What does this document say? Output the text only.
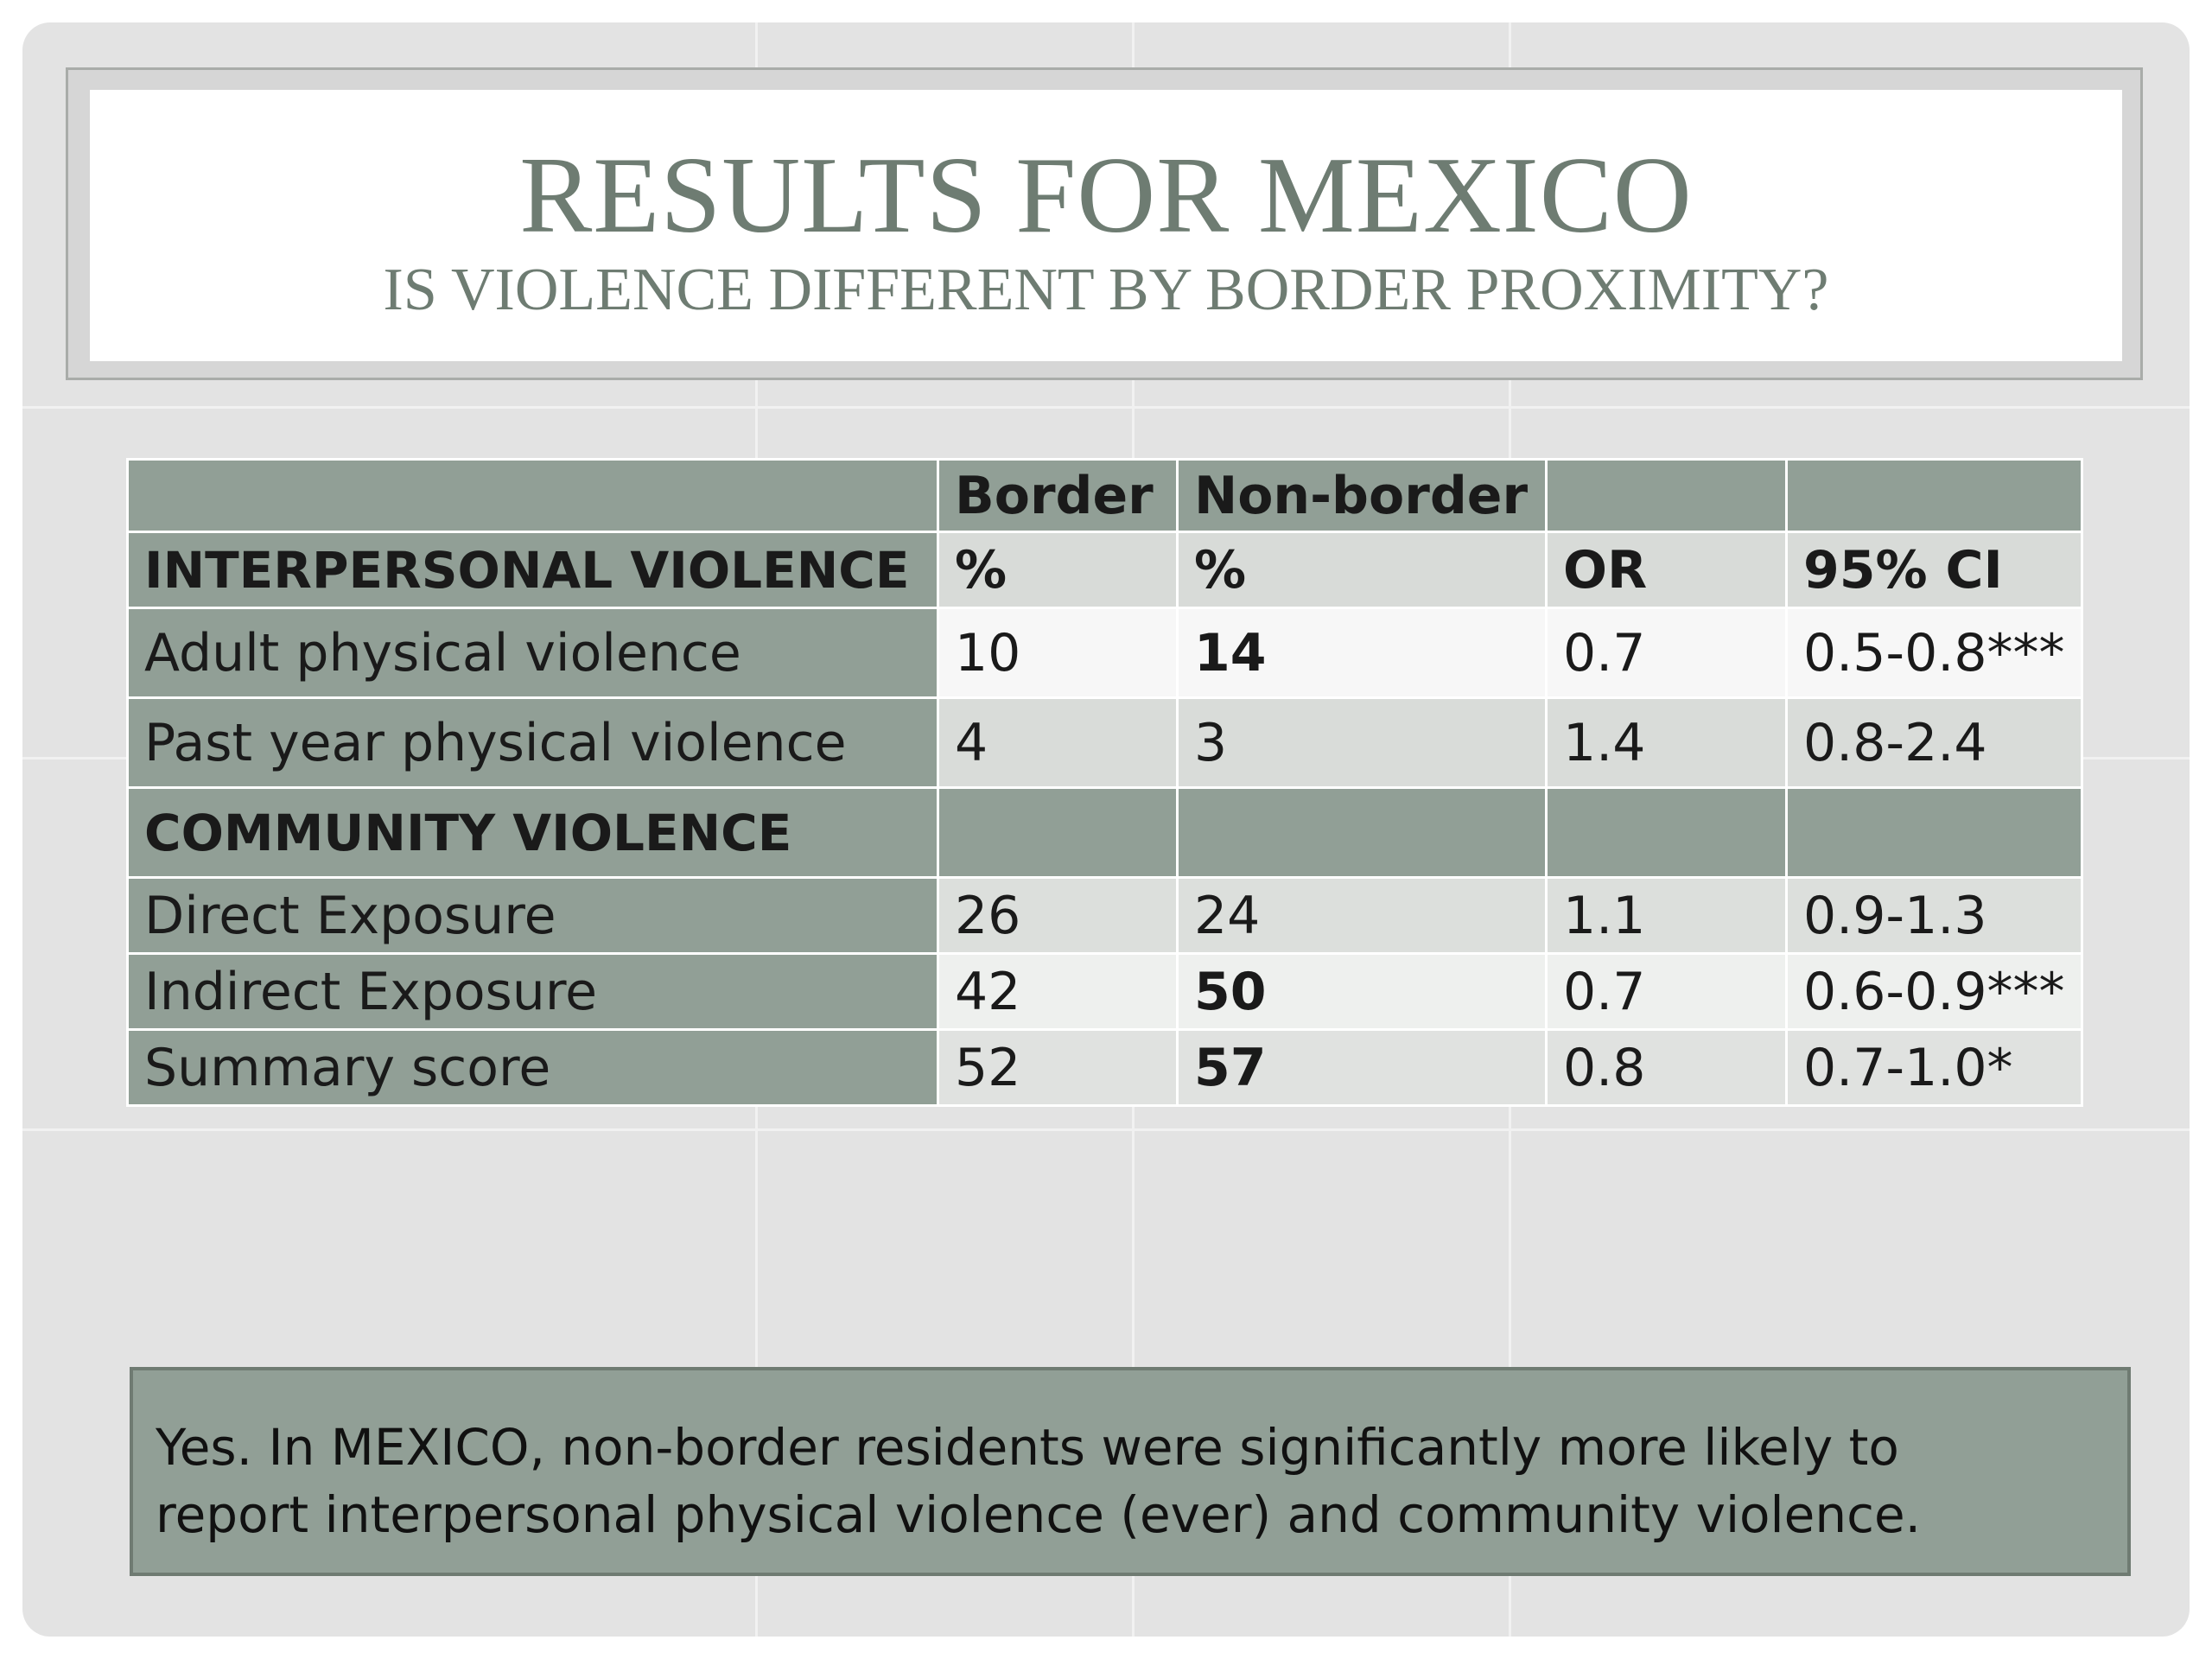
RESULTS FOR MEXICO
IS VIOLENCE DIFFERENT BY BORDER PROXIMITY?
	Border	Non-border		
INTERPERSONAL VIOLENCE	%	%	OR	95% CI
Adult physical violence	10	14	0.7	0.5-0.8***
Past year physical violence	4	3	1.4	0.8-2.4
COMMUNITY VIOLENCE				
Direct Exposure	26	24	1.1	0.9-1.3
Indirect Exposure	42	50	0.7	0.6-0.9***
Summary score	52	57	0.8	0.7-1.0*
Yes. In MEXICO, non-border residents were significantly more likely to
report interpersonal physical violence (ever) and community violence.
